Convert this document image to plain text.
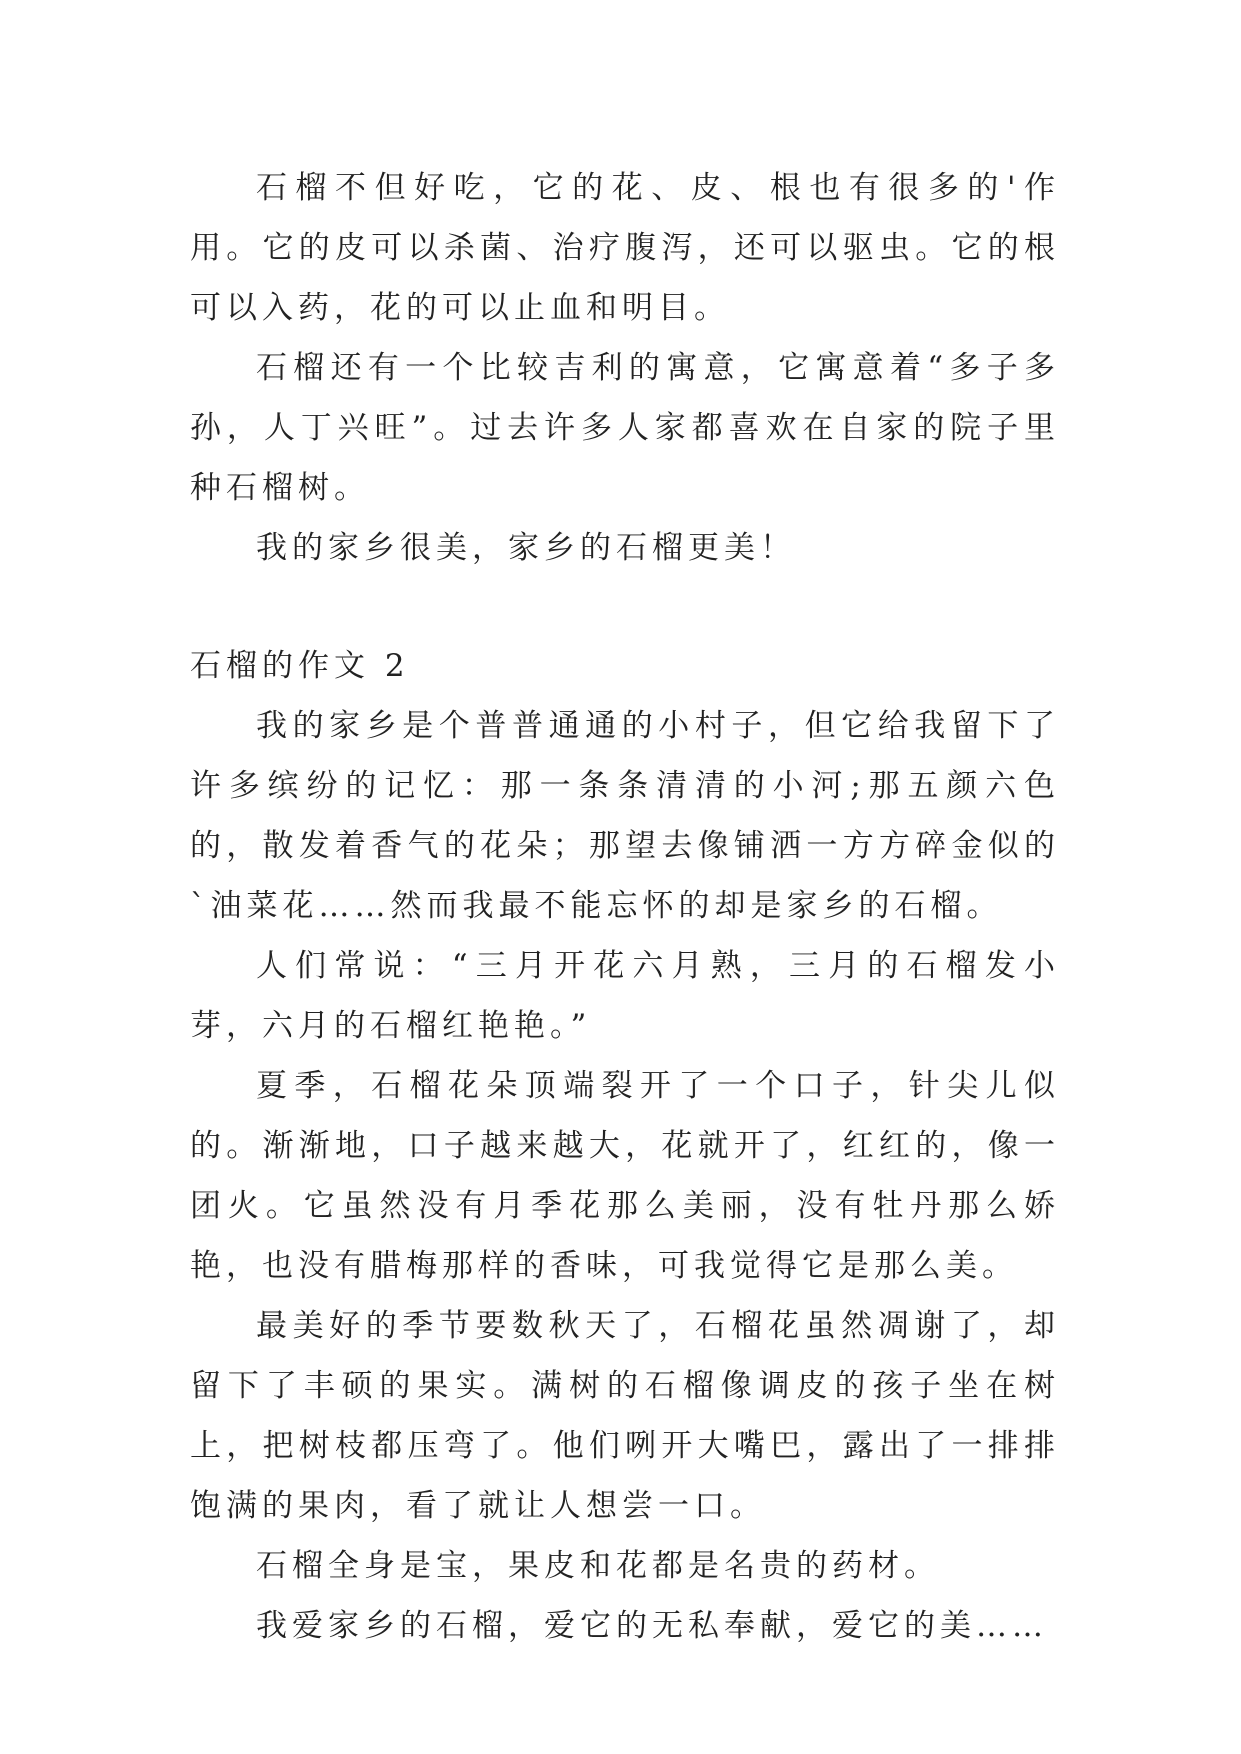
石榴不但好吃，它的花、皮、根也有很多的'作用。它的皮可以杀菌、治疗腹泻，还可以驱虫。它的根可以入药，花的可以止血和明目。

石榴还有一个比较吉利的寓意，它寓意着“多子多孙，人丁兴旺”。过去许多人家都喜欢在自家的院子里种石榴树。

我的家乡很美，家乡的石榴更美！

石榴的作文 2

我的家乡是个普普通通的小村子，但它给我留下了许多缤纷的记忆：那一条条清清的小河;那五颜六色的，散发着香气的花朵；那望去像铺洒一方方碎金似的`油菜花……然而我最不能忘怀的却是家乡的石榴。

人们常说：“三月开花六月熟，三月的石榴发小芽，六月的石榴红艳艳。”

夏季，石榴花朵顶端裂开了一个口子，针尖儿似的。渐渐地，口子越来越大，花就开了，红红的，像一团火。它虽然没有月季花那么美丽，没有牡丹那么娇艳，也没有腊梅那样的香味，可我觉得它是那么美。

最美好的季节要数秋天了，石榴花虽然凋谢了，却留下了丰硕的果实。满树的石榴像调皮的孩子坐在树上，把树枝都压弯了。他们咧开大嘴巴，露出了一排排饱满的果肉，看了就让人想尝一口。

石榴全身是宝，果皮和花都是名贵的药材。

我爱家乡的石榴，爱它的无私奉献，爱它的美……
